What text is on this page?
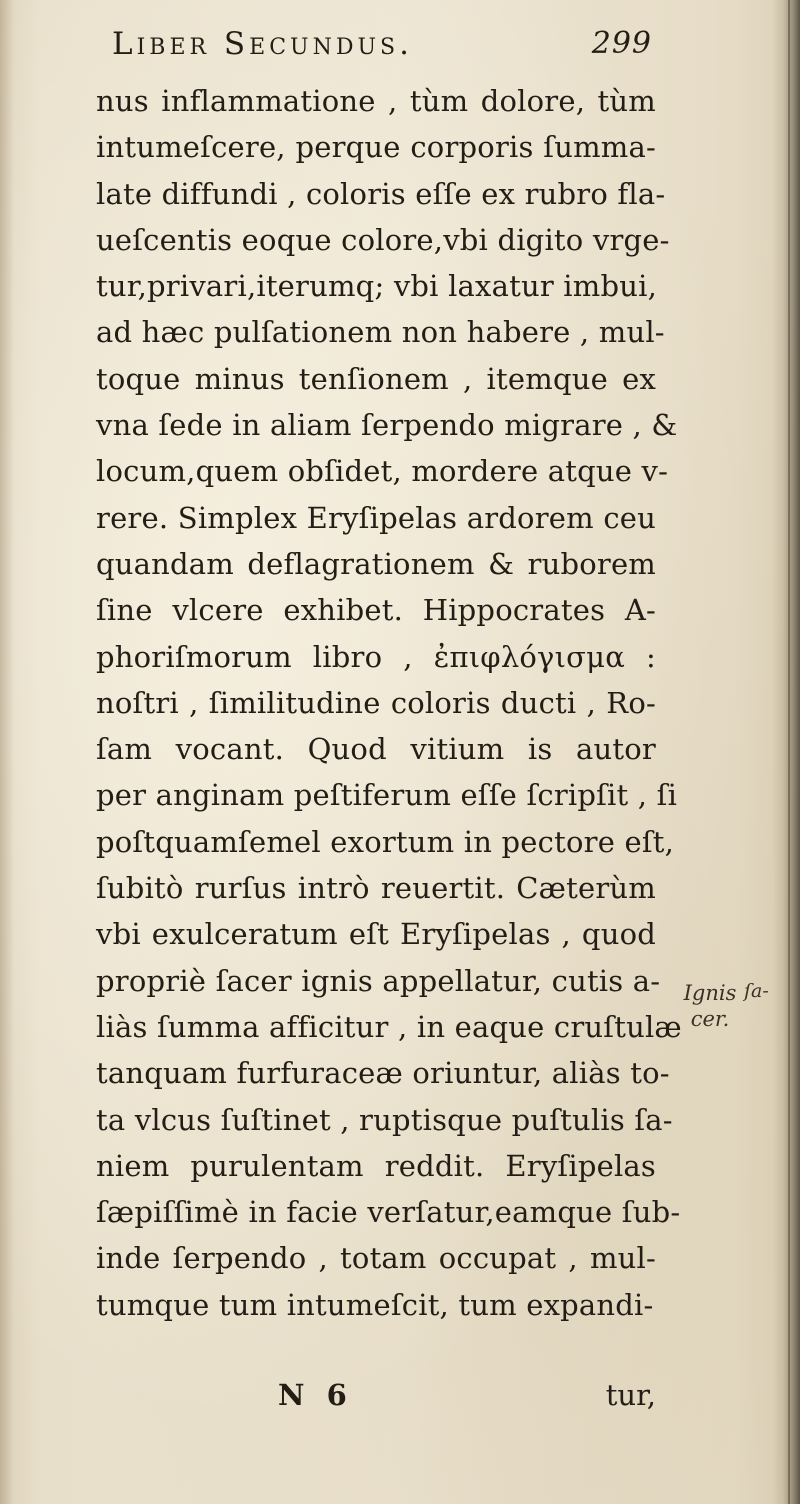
Liber Secundus.	299
nus inflammatione , tùm dolore, tùm
intumeſcere, perque corporis ſumma-
late diffundi , coloris eſſe ex rubro fla-
ueſcentis eoque colore,vbi digito vrge-
tur,privari,iterumq; vbi laxatur imbui,
ad hæc pulſationem non habere , mul-
toque minus tenſionem , itemque ex
vna ſede in aliam ſerpendo migrare , &
locum,quem obſidet, mordere atque v-
rere. Simplex Eryſipelas ardorem ceu
quandam deflagrationem & ruborem
ſine vlcere exhibet. Hippocrates A-
phoriſmorum libro , ἐπιφλόγισμα :
noſtri , ſimilitudine coloris ducti , Ro-
ſam vocant. Quod vitium is autor
per anginam peſtiferum eſſe ſcripſit , ſi
poſtquamſemel exortum in pectore eſt,
ſubitò rurſus intrò reuertit. Cæterùm
vbi exulceratum eſt Eryſipelas , quod
propriè ſacer ignis appellatur, cutis a-
liàs ſumma afficitur , in eaque cruſtulæ
tanquam furfuraceæ oriuntur, aliàs to-
ta vlcus ſuſtinet , ruptisque puſtulis ſa-
niem purulentam reddit. Eryſipelas
ſæpiſſimè in facie verſatur,eamque ſub-
inde ſerpendo , totam occupat , mul-
tumque tum intumeſcit, tum expandi-
Ignis
cer.
ſa-
N 6	tur,
